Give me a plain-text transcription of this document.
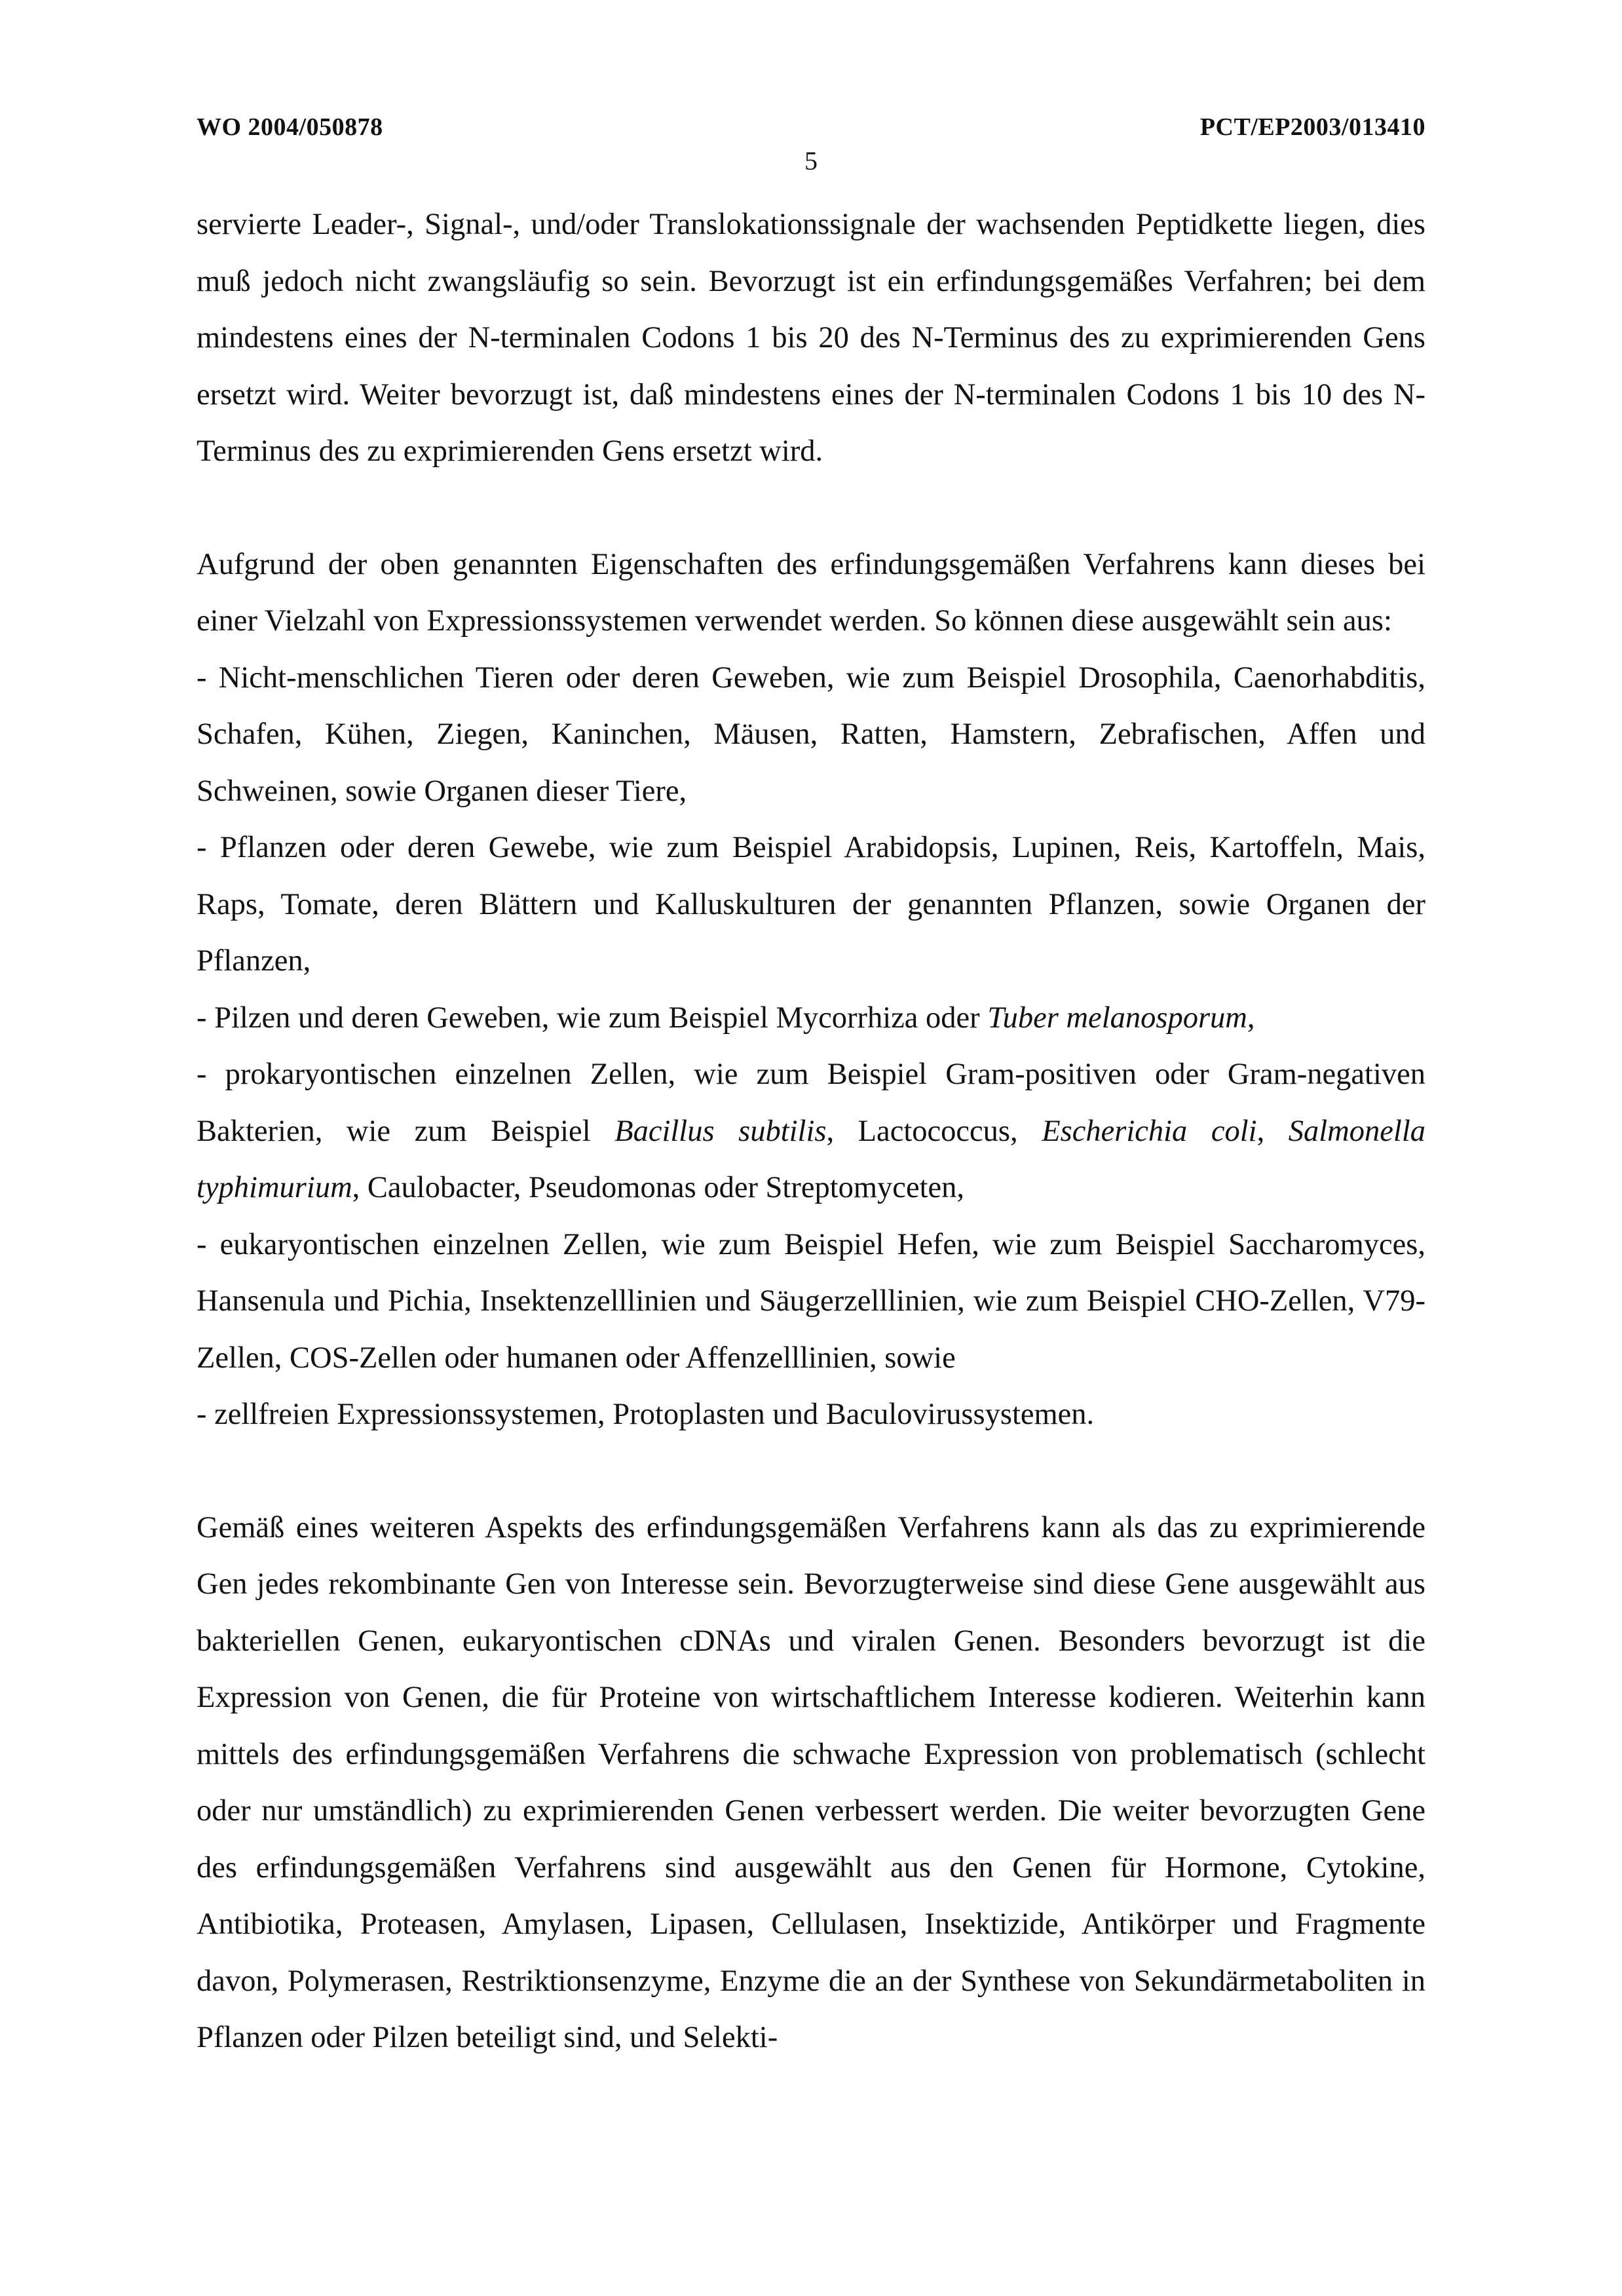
WO 2004/050878	PCT/EP2003/013410
5

servierte Leader-, Signal-, und/oder Translokationssignale der wachsenden Peptidkette liegen, dies muß jedoch nicht zwangsläufig so sein. Bevorzugt ist ein erfindungsgemäßes Verfahren; bei dem mindestens eines der N-terminalen Codons 1 bis 20 des N-Terminus des zu exprimierenden Gens ersetzt wird. Weiter bevorzugt ist, daß mindestens eines der N-terminalen Codons 1 bis 10 des N-Terminus des zu exprimierenden Gens ersetzt wird.

Aufgrund der oben genannten Eigenschaften des erfindungsgemäßen Verfahrens kann dieses bei einer Vielzahl von Expressionssystemen verwendet werden. So können diese ausgewählt sein aus:

- Nicht-menschlichen Tieren oder deren Geweben, wie zum Beispiel Drosophila, Caenorhabditis, Schafen, Kühen, Ziegen, Kaninchen, Mäusen, Ratten, Hamstern, Zebrafischen, Affen und Schweinen, sowie Organen dieser Tiere,

- Pflanzen oder deren Gewebe, wie zum Beispiel Arabidopsis, Lupinen, Reis, Kartoffeln, Mais, Raps, Tomate, deren Blättern und Kalluskulturen der genannten Pflanzen, sowie Organen der Pflanzen,

- Pilzen und deren Geweben, wie zum Beispiel Mycorrhiza oder Tuber melanosporum,

- prokaryontischen einzelnen Zellen, wie zum Beispiel Gram-positiven oder Gram-negativen Bakterien, wie zum Beispiel Bacillus subtilis, Lactococcus, Escherichia coli, Salmonella typhimurium, Caulobacter, Pseudomonas oder Streptomyceten,

- eukaryontischen einzelnen Zellen, wie zum Beispiel Hefen, wie zum Beispiel Saccharomyces, Hansenula und Pichia, Insektenzelllinien und Säugerzelllinien, wie zum Beispiel CHO-Zellen, V79-Zellen, COS-Zellen oder humanen oder Affenzelllinien, sowie

- zellfreien Expressionssystemen, Protoplasten und Baculovirussystemen.

Gemäß eines weiteren Aspekts des erfindungsgemäßen Verfahrens kann als das zu exprimierende Gen jedes rekombinante Gen von Interesse sein. Bevorzugterweise sind diese Gene ausgewählt aus bakteriellen Genen, eukaryontischen cDNAs und viralen Genen. Besonders bevorzugt ist die Expression von Genen, die für Proteine von wirtschaftlichem Interesse kodieren. Weiterhin kann mittels des erfindungsgemäßen Verfahrens die schwache Expression von problematisch (schlecht oder nur umständlich) zu exprimierenden Genen verbessert werden. Die weiter bevorzugten Gene des erfindungsgemäßen Verfahrens sind ausgewählt aus den Genen für Hormone, Cytokine, Antibiotika, Proteasen, Amylasen, Lipasen, Cellulasen, Insektizide, Antikörper und Fragmente davon, Polymerasen, Restriktionsenzyme, Enzyme die an der Synthese von Sekundärmetaboliten in Pflanzen oder Pilzen beteiligt sind, und Selekti-
